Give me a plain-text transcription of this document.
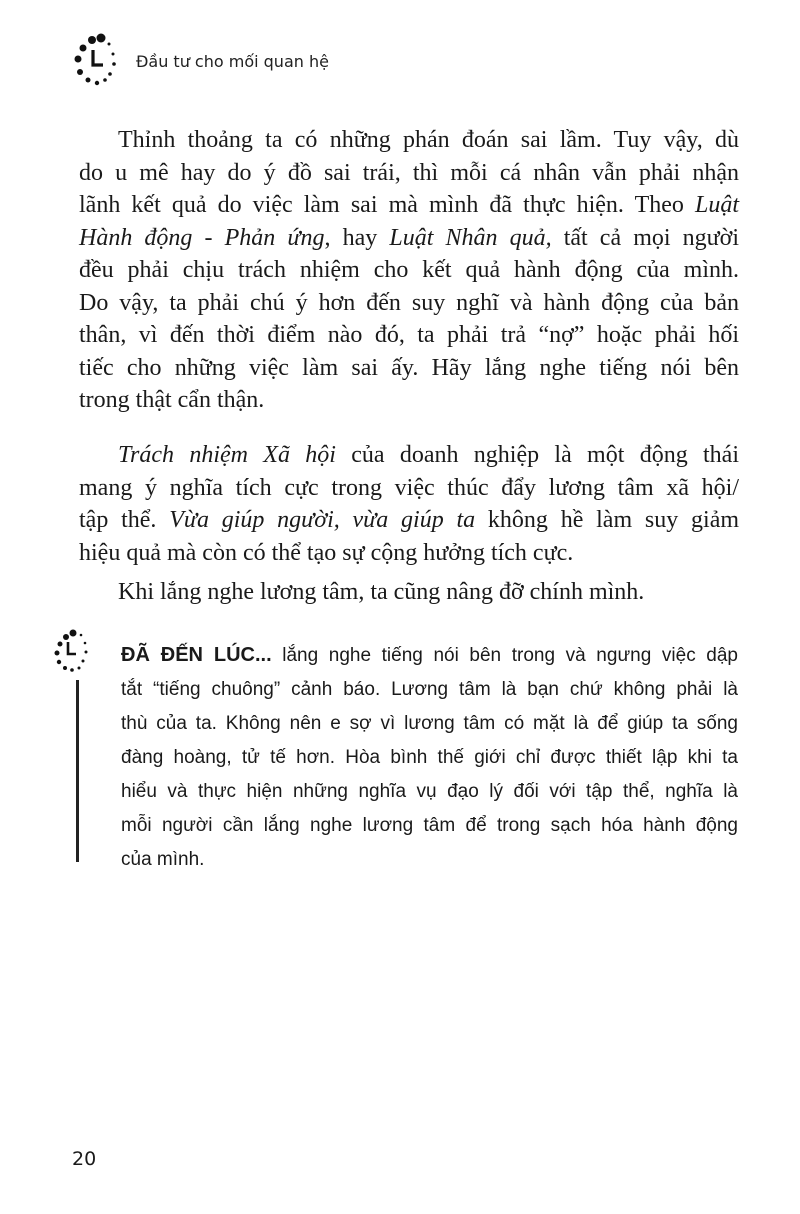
Đầu tư cho mối quan hệ
Thỉnh thoảng ta có những phán đoán sai lầm. Tuy vậy, dù
do u mê hay do ý đồ sai trái, thì mỗi cá nhân vẫn phải nhận
lãnh kết quả do việc làm sai mà mình đã thực hiện. Theo Luật
Hành động - Phản ứng, hay Luật Nhân quả, tất cả mọi người
đều phải chịu trách nhiệm cho kết quả hành động của mình.
Do vậy, ta phải chú ý hơn đến suy nghĩ và hành động của bản
thân, vì đến thời điểm nào đó, ta phải trả “nợ” hoặc phải hối
tiếc cho những việc làm sai ấy. Hãy lắng nghe tiếng nói bên
trong thật cẩn thận.
Trách nhiệm Xã hội của doanh nghiệp là một động thái
mang ý nghĩa tích cực trong việc thúc đẩy lương tâm xã hội/
tập thể. Vừa giúp người, vừa giúp ta không hề làm suy giảm
hiệu quả mà còn có thể tạo sự cộng hưởng tích cực.
Khi lắng nghe lương tâm, ta cũng nâng đỡ chính mình.
ĐÃ ĐẾN LÚC... lắng nghe tiếng nói bên trong và ngưng việc dập
tắt “tiếng chuông” cảnh báo. Lương tâm là bạn chứ không phải là
thù của ta. Không nên e sợ vì lương tâm có mặt là để giúp ta sống
đàng hoàng, tử tế hơn. Hòa bình thế giới chỉ được thiết lập khi ta
hiểu và thực hiện những nghĩa vụ đạo lý đối với tập thể, nghĩa là
mỗi người cần lắng nghe lương tâm để trong sạch hóa hành động
của mình.
20
